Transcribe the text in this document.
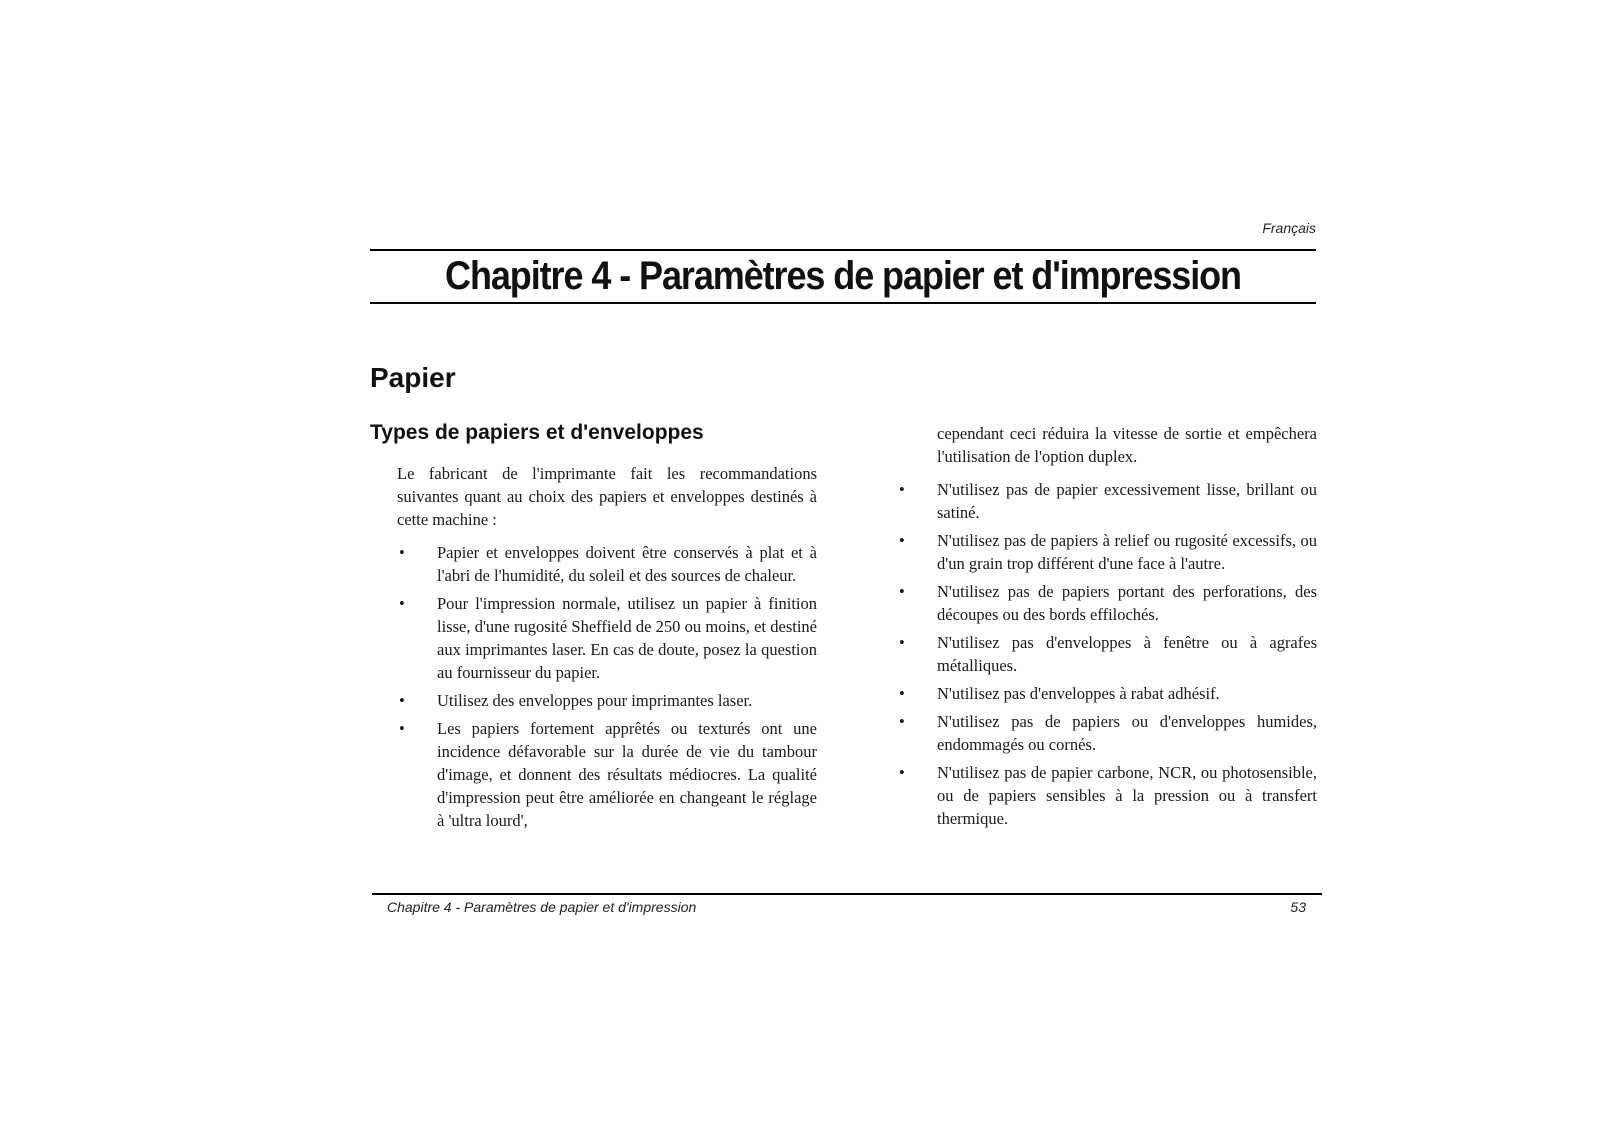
Français
Chapitre 4 - Paramètres de papier et d'impression
Papier
Types de papiers et d'enveloppes

Le fabricant de l'imprimante fait les recommandations suivantes quant au choix des papiers et enveloppes destinés à cette machine :

• Papier et enveloppes doivent être conservés à plat et à l'abri de l'humidité, du soleil et des sources de chaleur.
• Pour l'impression normale, utilisez un papier à finition lisse, d'une rugosité Sheffield de 250 ou moins, et destiné aux imprimantes laser. En cas de doute, posez la question au fournisseur du papier.
• Utilisez des enveloppes pour imprimantes laser.
• Les papiers fortement apprêtés ou texturés ont une incidence défavorable sur la durée de vie du tambour d'image, et donnent des résultats médiocres. La qualité d'impression peut être améliorée en changeant le réglage à 'ultra lourd',

cependant ceci réduira la vitesse de sortie et empêchera l'utilisation de l'option duplex.

• N'utilisez pas de papier excessivement lisse, brillant ou satiné.
• N'utilisez pas de papiers à relief ou rugosité excessifs, ou d'un grain trop différent d'une face à l'autre.
• N'utilisez pas de papiers portant des perforations, des découpes ou des bords effilochés.
• N'utilisez pas d'enveloppes à fenêtre ou à agrafes métalliques.
• N'utilisez pas d'enveloppes à rabat adhésif.
• N'utilisez pas de papiers ou d'enveloppes humides, endommagés ou cornés.
• N'utilisez pas de papier carbone, NCR, ou photosensible, ou de papiers sensibles à la pression ou à transfert thermique.
Chapitre 4 - Paramètres de papier et d'impression	53
